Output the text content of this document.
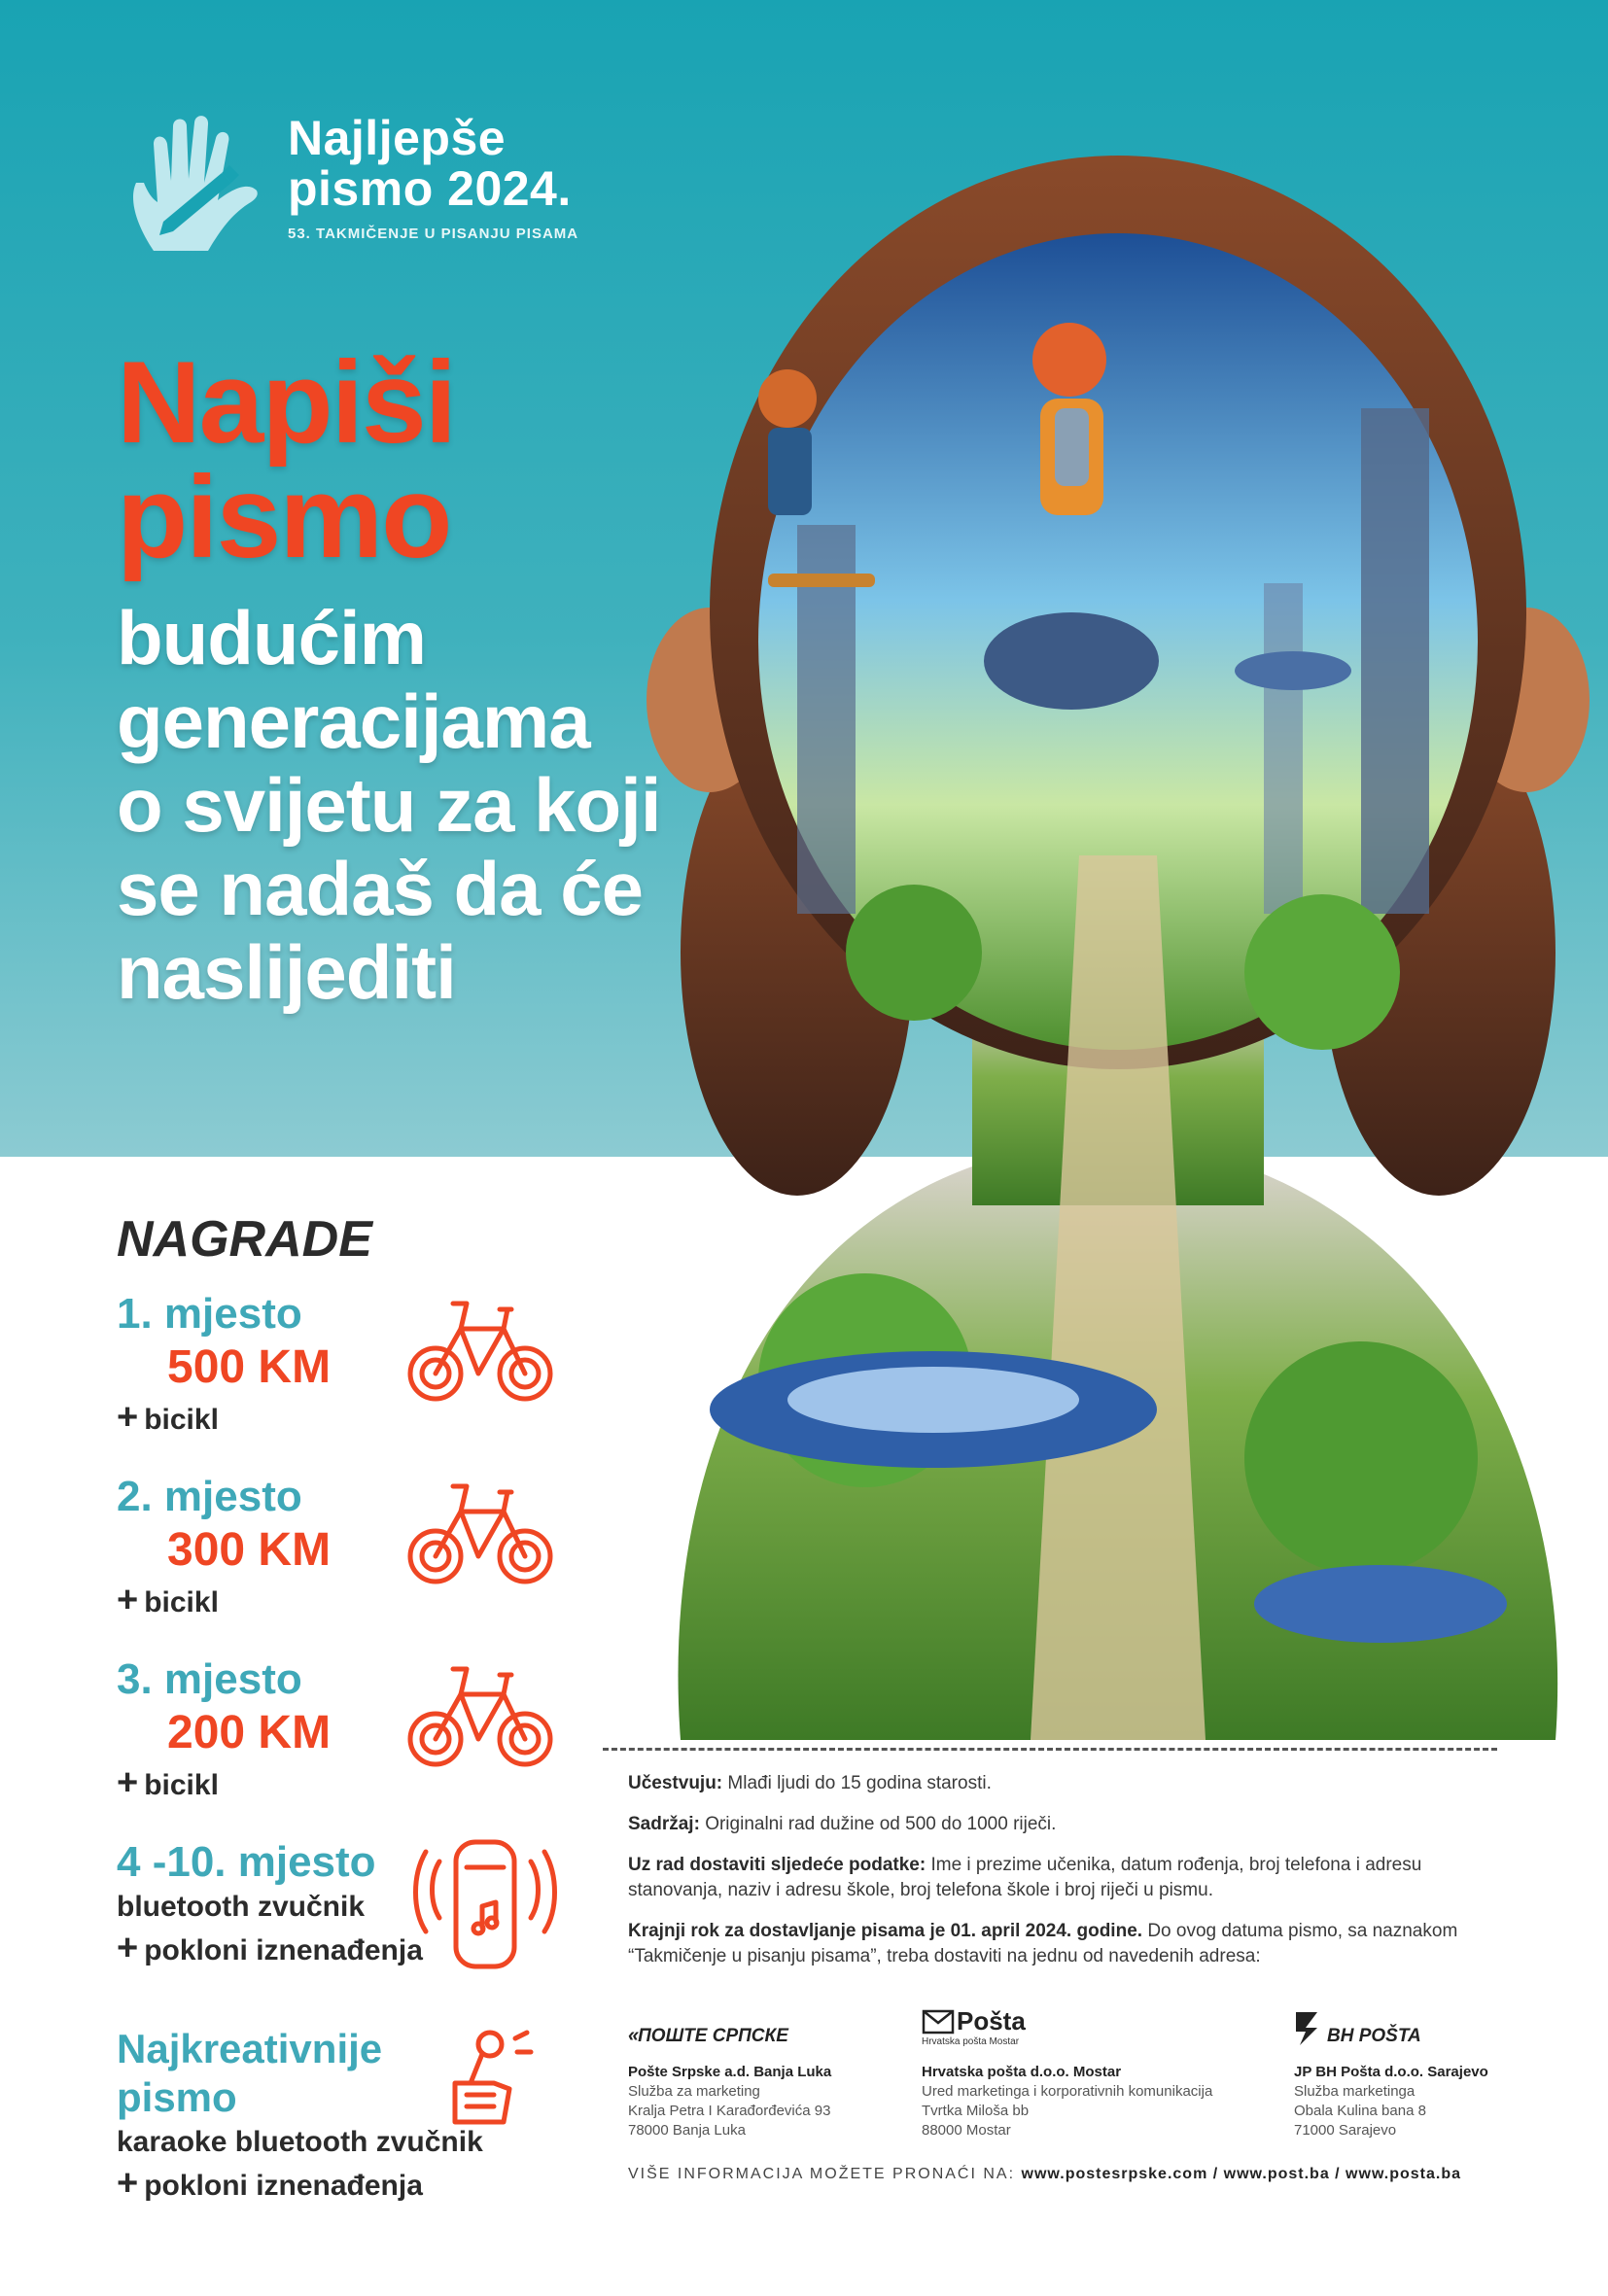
Najljepše
pismo 2024.
53. TAKMIČENJE U PISANJU PISAMA
Napiši
pismo
budućim
generacijama
o svijetu za koji
se nadaš da će
naslijediti
NAGRADE
1. mjesto
500 KM
+ bicikl
2. mjesto
300 KM
+ bicikl
3. mjesto
200 KM
+ bicikl
4 -10. mjesto
bluetooth zvučnik
+ pokloni iznenađenja
Najkreativnije
pismo
karaoke bluetooth zvučnik
+ pokloni iznenađenja

Učestvuju: Mlađi ljudi do 15 godina starosti.

Sadržaj: Originalni rad dužine od 500 do 1000 riječi.

Uz rad dostaviti sljedeće podatke: Ime i prezime učenika, datum rođenja, broj telefona i adresu stanovanja, naziv i adresu škole, broj telefona škole i broj riječi u pismu.

Krajnji rok za dostavljanje pisama je 01. april 2024. godine. Do ovog datuma pismo, sa naznakom “Takmičenje u pisanju pisama”, treba dostaviti na jednu od navedenih adresa:

« ПОШТЕ СРПСКЕ
Pošte Srpske a.d. Banja Luka
Služba za marketing
Kralja Petra I Karađorđevića 93
78000 Banja Luka
Pošta
Hrvatska pošta Mostar
Hrvatska pošta d.o.o. Mostar
Ured marketinga i korporativnih komunikacija
Tvrtka Miloša bb
88000 Mostar
BH POŠTA
JP BH Pošta d.o.o. Sarajevo
Služba marketinga
Obala Kulina bana 8
71000 Sarajevo
VIŠE INFORMACIJA MOŽETE PRONAĆI NA: www.postesrpske.com / www.post.ba / www.posta.ba
